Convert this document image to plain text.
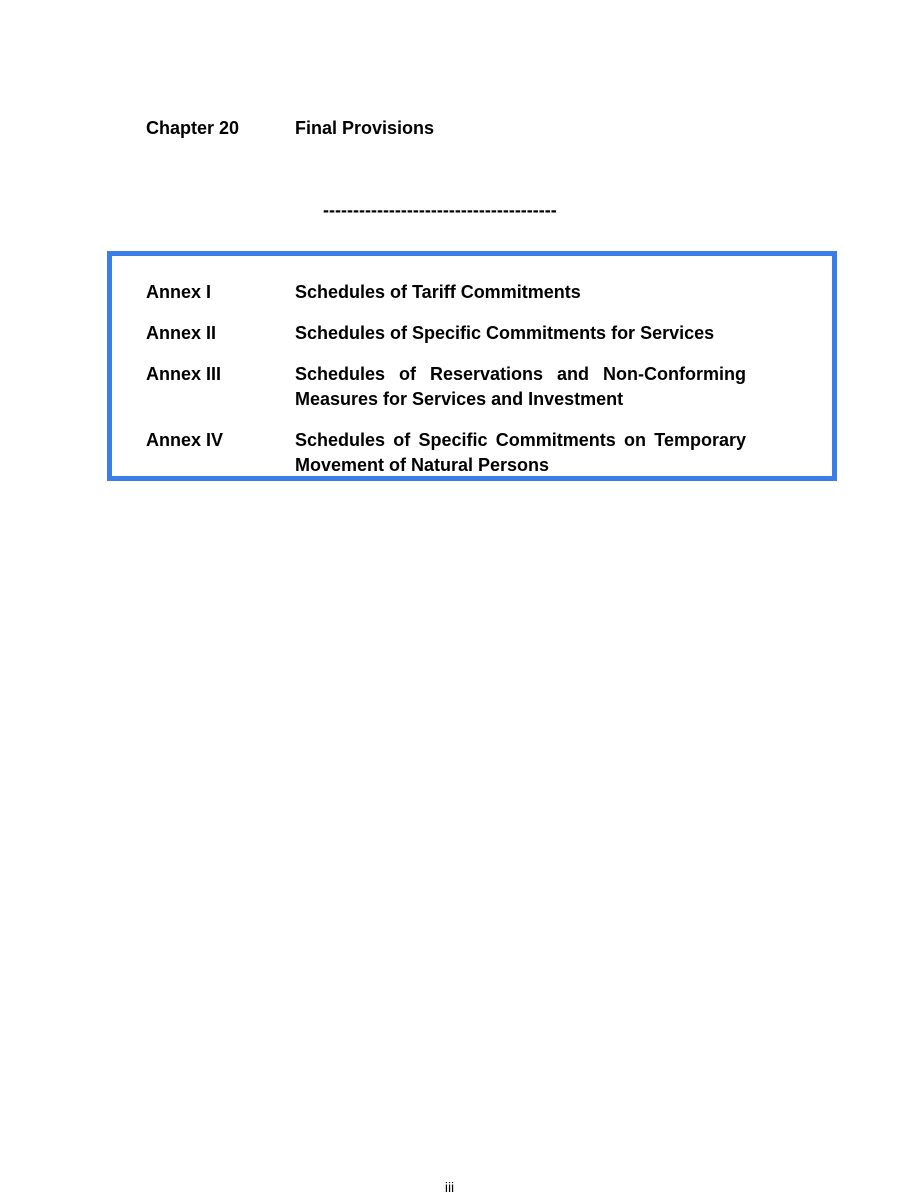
Chapter 20	Final Provisions
---------------------------------------
Annex I	Schedules of Tariff Commitments
Annex II	Schedules of Specific Commitments for Services
Annex III	Schedules of Reservations and Non-Conforming Measures for Services and Investment
Annex IV	Schedules of Specific Commitments on Temporary Movement of Natural Persons
iii
